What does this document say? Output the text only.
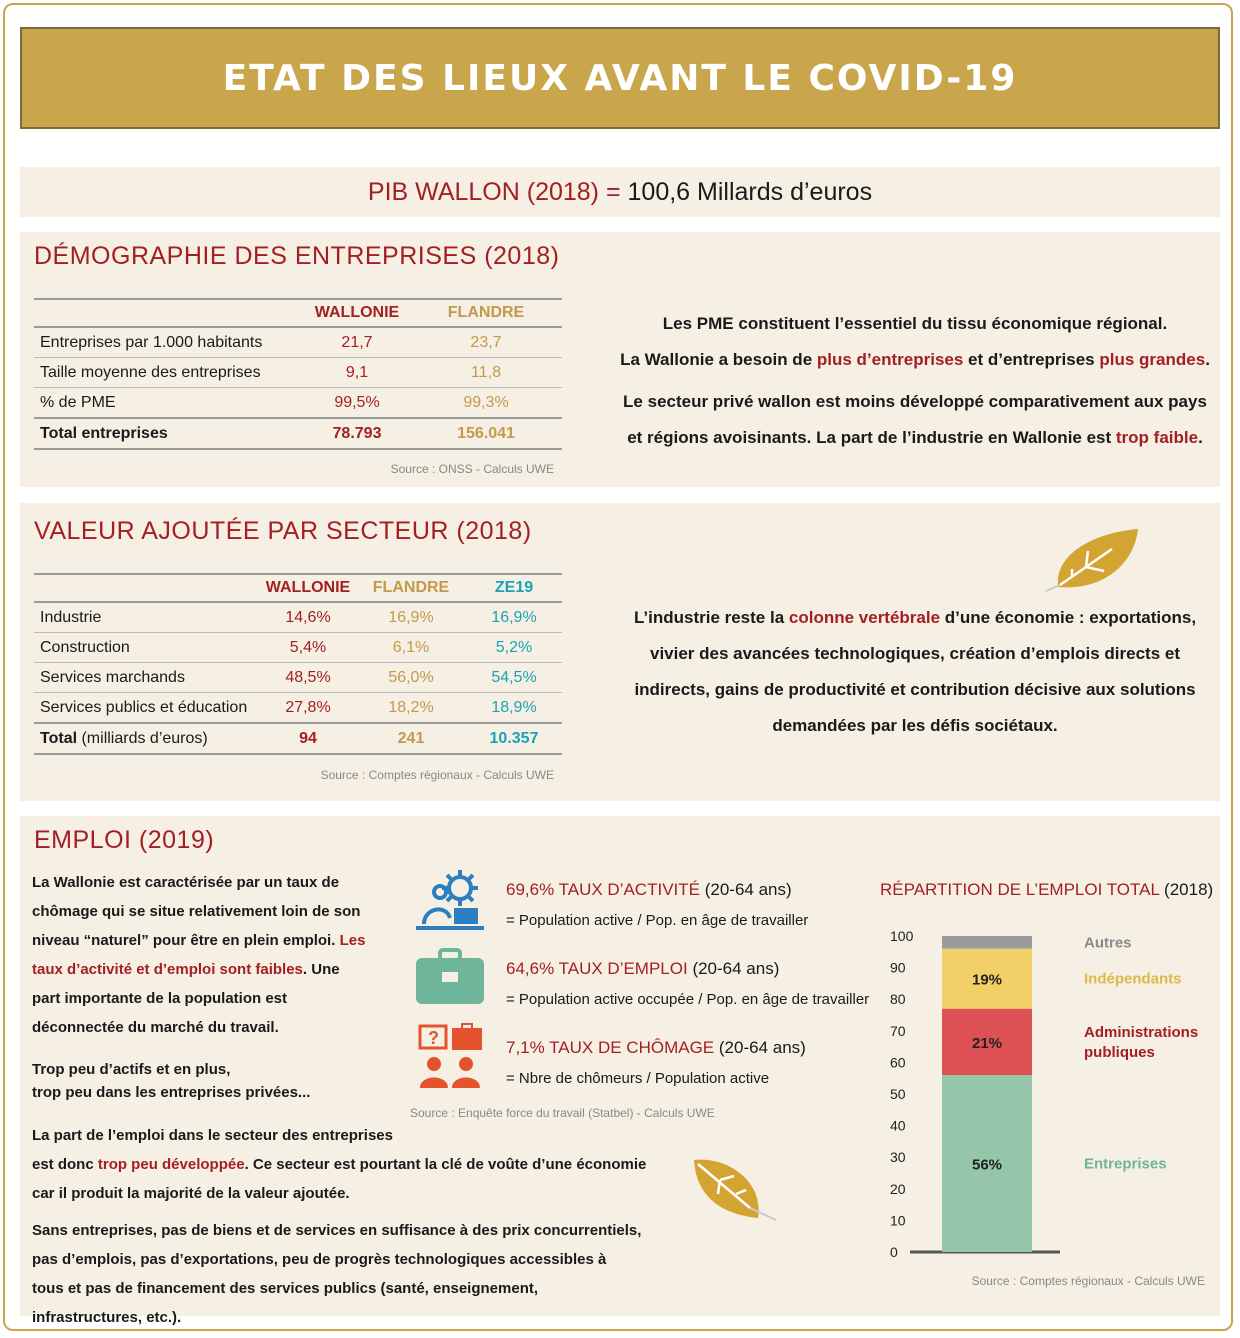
ETAT DES LIEUX AVANT LE COVID-19
PIB WALLON (2018) =
100,6 Millards d’euros
DÉMOGRAPHIE DES ENTREPRISES (2018)
	WALLONIE	FLANDRE
Entreprises par 1.000 habitants	21,7	23,7
Taille moyenne des entreprises	9,1	11,8
% de PME	99,5%	99,3%
Total entreprises	78.793	156.041
Source : ONSS - Calculs UWE
Les PME constituent l’essentiel du tissu économique régional.
La Wallonie a besoin de plus d’entreprises et d’entreprises plus grandes.
Le secteur privé wallon est moins développé comparativement aux pays
et régions avoisinants. La part de l’industrie en Wallonie est trop faible.
VALEUR AJOUTÉE PAR SECTEUR (2018)
	WALLONIE	FLANDRE	ZE19
Industrie	14,6%	16,9%	16,9%
Construction	5,4%	6,1%	5,2%
Services marchands	48,5%	56,0%	54,5%
Services publics et éducation	27,8%	18,2%	18,9%
Total (milliards d’euros)	94	241	10.357
Source : Comptes régionaux - Calculs UWE
L’industrie reste la colonne vertébrale d’une économie : exportations,
vivier des avancées technologiques, création d’emplois directs et
indirects, gains de productivité et contribution décisive aux solutions
demandées par les défis sociétaux.
EMPLOI (2019)
La Wallonie est caractérisée par un taux de chômage qui se situe relativement loin de son niveau “naturel” pour être en plein emploi. Les taux d’activité et d’emploi sont faibles. Une part importante de la population est déconnectée du marché du travail.
Trop peu d’actifs et en plus,
trop peu dans les entreprises privées...
La part de l’emploi dans le secteur des entreprises
est donc trop peu développée. Ce secteur est pourtant la clé de voûte d’une économie
car il produit la majorité de la valeur ajoutée.
Sans entreprises, pas de biens et de services en suffisance à des prix concurrentiels, pas d’emplois, pas d’exportations, peu de progrès technologiques accessibles à tous et pas de financement des services publics (santé, enseignement, infrastructures, etc.).
?
69,6% TAUX D’ACTIVITÉ (20-64 ans)
= Population active / Pop. en âge de travailler
64,6% TAUX D’EMPLOI (20-64 ans)
= Population active occupée / Pop. en âge de travailler
7,1% TAUX DE CHÔMAGE (20-64 ans)
= Nbre de chômeurs / Population active
Source : Enquête force du travail (Statbel) - Calculs UWE
RÉPARTITION DE L’EMPLOI TOTAL (2018)
0
10
20
30
40
50
60
70
80
90
100
56%	Entreprises
21%
Administrations
publiques
19%	Indépendants
Autres
Source : Comptes régionaux - Calculs UWE
